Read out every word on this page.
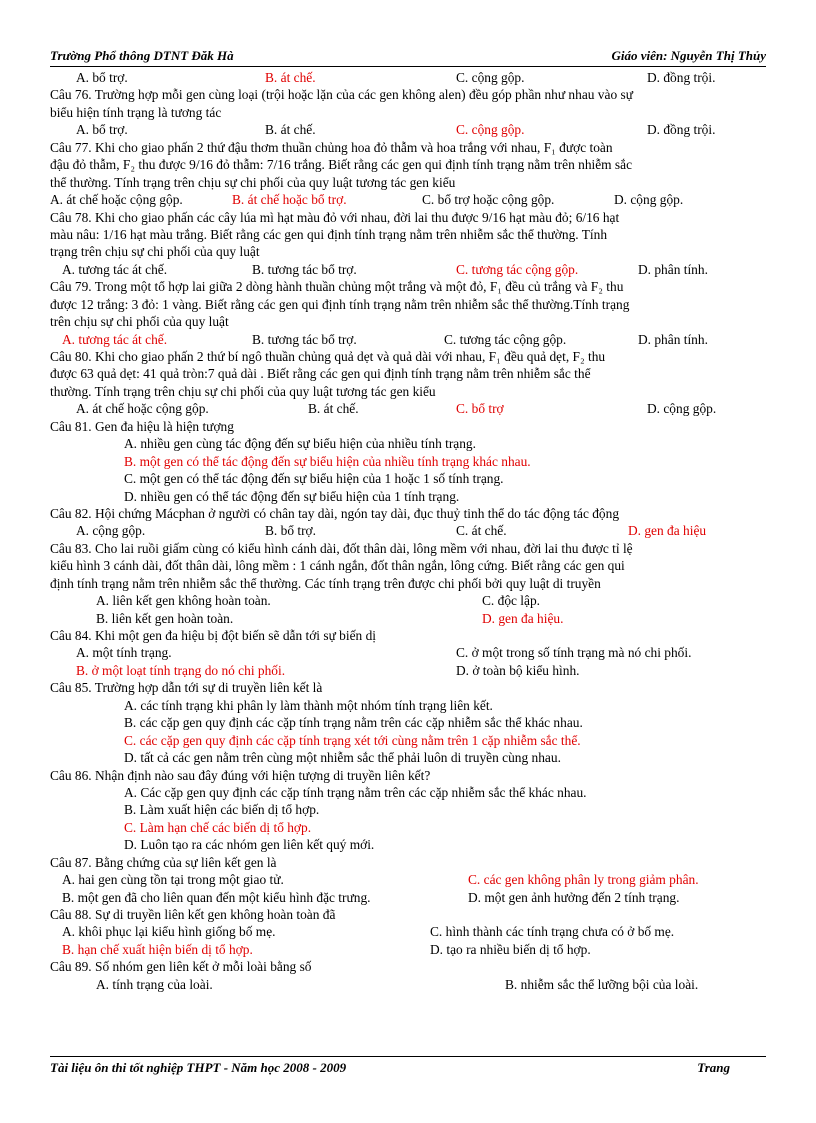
Trường Phổ thông DTNT Đăk Hà	Giáo viên: Nguyễn Thị Thủy
A. bổ trợ.	B. át chế.	C. cộng gộp.	D. đồng trội.
Câu 76. Trường hợp mỗi gen cùng loại (trội hoặc lặn của các gen không alen) đều góp phần như nhau vào sự
biểu hiện tính trạng là tương tác
A. bổ trợ.	B. át chế.	C. cộng gộp.	D. đồng trội.
Câu 77. Khi cho giao phấn 2 thứ đậu thơm thuần chủng hoa đỏ thẫm và hoa trắng với nhau, F₁ được toàn
đậu đỏ thẫm, F₂ thu được 9/16 đỏ thẫm: 7/16 trắng. Biết rằng các gen qui định tính trạng nằm trên nhiễm sắc
thể thường. Tính trạng trên chịu sự chi phối của quy luật tương tác gen kiểu
A. át chế hoặc cộng gộp.	B. át chế hoặc bổ trợ.	C. bổ trợ hoặc cộng gộp.	D. cộng gộp.
Câu 78. Khi cho giao phấn các cây lúa mì hạt màu đỏ với nhau, đời lai thu được 9/16 hạt màu đỏ; 6/16 hạt
màu nâu: 1/16 hạt màu trắng. Biết rằng các gen qui định tính trạng nằm trên nhiễm sắc thể thường. Tính
trạng trên chịu sự chi phối của quy luật
A. tương tác át chế.	B. tương tác bổ trợ.	C. tương tác cộng gộp.	D. phân tính.
Câu 79. Trong một tổ hợp lai giữa 2 dòng hành thuần chủng một trắng và một đỏ, F₁ đều củ trắng và F₂ thu
được 12 trắng: 3 đỏ: 1 vàng. Biết rằng các gen qui định tính trạng nằm trên nhiễm sắc thể thường.Tính trạng
trên chịu sự chi phối của quy luật
A. tương tác át chế.	B. tương tác bổ trợ.	C. tương tác cộng gộp.	D. phân tính.
Câu 80. Khi cho giao phấn 2 thứ bí ngô thuần chủng quả dẹt và quả dài với nhau, F₁ đều quả dẹt, F₂ thu
được 63 quả dẹt: 41 quả tròn:7 quả dài . Biết rằng các gen qui định tính trạng nằm trên nhiễm sắc thể
thường. Tính trạng trên chịu sự chi phối của quy luật tương tác gen kiểu
A. át chế hoặc cộng gộp.	B. át chế.	C. bổ trợ	D. cộng gộp.
Câu 81. Gen đa hiệu là hiện tượng
A. nhiều gen cùng tác động đến sự biểu hiện của nhiều tính trạng.
B. một gen có thể tác động đến sự biểu hiện của nhiều tính trạng khác nhau.
C. một gen có thể tác động đến sự biểu hiện của 1 hoặc 1 số tính trạng.
D. nhiều gen có thể tác động đến sự biểu hiện của 1 tính trạng.
Câu 82. Hội chứng Mácphan ở người có chân tay dài, ngón tay dài, đục thuỷ tinh thể do tác động tác động
A. cộng gộp.	B. bổ trợ.	C. át chế.	D. gen đa hiệu
Câu 83. Cho lai ruồi giấm cùng có kiểu hình cánh dài, đốt thân dài, lông mềm với nhau, đời lai thu được tỉ lệ
kiểu hình 3 cánh dài, đốt thân dài, lông mềm : 1 cánh ngắn, đốt thân ngắn, lông cứng. Biết rằng các gen qui
định tính trạng nằm trên nhiễm sắc thể thường. Các tính trạng trên được chi phối bởi quy luật di truyền
A. liên kết gen không hoàn toàn.	C. độc lập.
B. liên kết gen hoàn toàn.	D. gen đa hiệu.
Câu 84. Khi một gen đa hiệu bị đột biến sẽ dẫn tới sự biến dị
A. một tính trạng.	C. ở một trong số tính trạng mà nó chi phối.
B. ở một loạt tính trạng do nó chi phối.	D. ở toàn bộ kiểu hình.
Câu 85. Trường hợp dẫn tới sự di truyền liên kết là
A. các tính trạng khi phân ly làm thành một nhóm tính trạng liên kết.
B. các cặp gen quy định các cặp tính trạng nằm trên các cặp nhiễm sắc thể khác nhau.
C. các cặp gen quy định các cặp tính trạng xét tới cùng nằm trên 1 cặp nhiễm sắc thể.
D. tất cả các gen nằm trên cùng một nhiễm sắc thể phải luôn di truyền cùng nhau.
Câu 86. Nhận định nào sau đây đúng với hiện tượng di truyền liên kết?
A. Các cặp gen quy định các cặp tính trạng nằm trên các cặp nhiễm sắc thể khác nhau.
B. Làm xuất hiện các biến dị tổ hợp.
C. Làm hạn chế các biến dị tổ hợp.
D. Luôn tạo ra các nhóm gen liên kết quý mới.
Câu 87. Bằng chứng của sự liên kết gen là
A. hai gen cùng tồn tại trong một giao tử.	C. các gen không phân ly trong giảm phân.
B. một gen đã cho liên quan đến một kiểu hình đặc trưng.	D. một gen ảnh hưởng đến 2 tính trạng.
Câu 88. Sự di truyền liên kết gen không hoàn toàn đã
A. khôi phục lại kiểu hình giống bố mẹ.	C. hình thành các tính trạng chưa có ở bố mẹ.
B. hạn chế xuất hiện biến dị tổ hợp.	D. tạo ra nhiều biến dị tổ hợp.
Câu 89. Số nhóm gen liên kết ở mỗi loài bằng số
A. tính trạng của loài.	B. nhiễm sắc thể lưỡng bội của loài.
Tài liệu ôn thi tốt nghiệp THPT - Năm học 2008 - 2009	Trang
